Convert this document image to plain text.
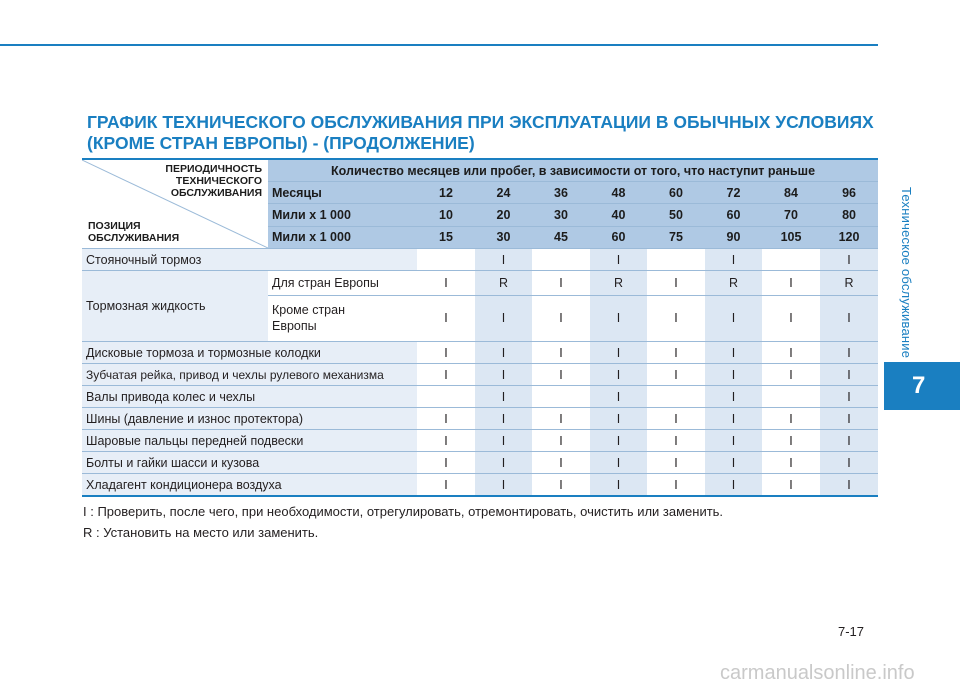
Техническое обслуживание
7
ГРАФИК ТЕХНИЧЕСКОГО ОБСЛУЖИВАНИЯ ПРИ ЭКСПЛУАТАЦИИ В ОБЫЧНЫХ УСЛОВИЯХ
(КРОМЕ СТРАН ЕВРОПЫ) - (ПРОДОЛЖЕНИЕ)
ПЕРИОДИЧНОСТЬ
ТЕХНИЧЕСКОГО
ОБСЛУЖИВАНИЯ
ПОЗИЦИЯ
ОБСЛУЖИВАНИЯ	Количество месяцев или пробег, в зависимости от того, что наступит раньше								
	Месяцы	12	24	36	48	60	72	84	96
	Мили x 1 000	10	20	30	40	50	60	70	80
	Мили x 1 000	15	30	45	60	75	90	105	120
Стояночный тормоз			I		I		I		I
Тормозная жидкость	Для стран Европы	I	R	I	R	I	R	I	R
	Кроме стран
Европы	I	I	I	I	I	I	I	I
Дисковые тормоза и тормозные колодки		I	I	I	I	I	I	I	I
Зубчатая рейка, привод и чехлы рулевого механизма		I	I	I	I	I	I	I	I
Валы привода колес и чехлы			I		I		I		I
Шины (давление и износ протектора)		I	I	I	I	I	I	I	I
Шаровые пальцы передней подвески		I	I	I	I	I	I	I	I
Болты и гайки шасси и кузова		I	I	I	I	I	I	I	I
Хладагент кондиционера воздуха		I	I	I	I	I	I	I	I
I : Проверить, после чего, при необходимости, отрегулировать, отремонтировать, очистить или заменить.
R : Установить на место или заменить.
7-17
carmanualsonline.info
